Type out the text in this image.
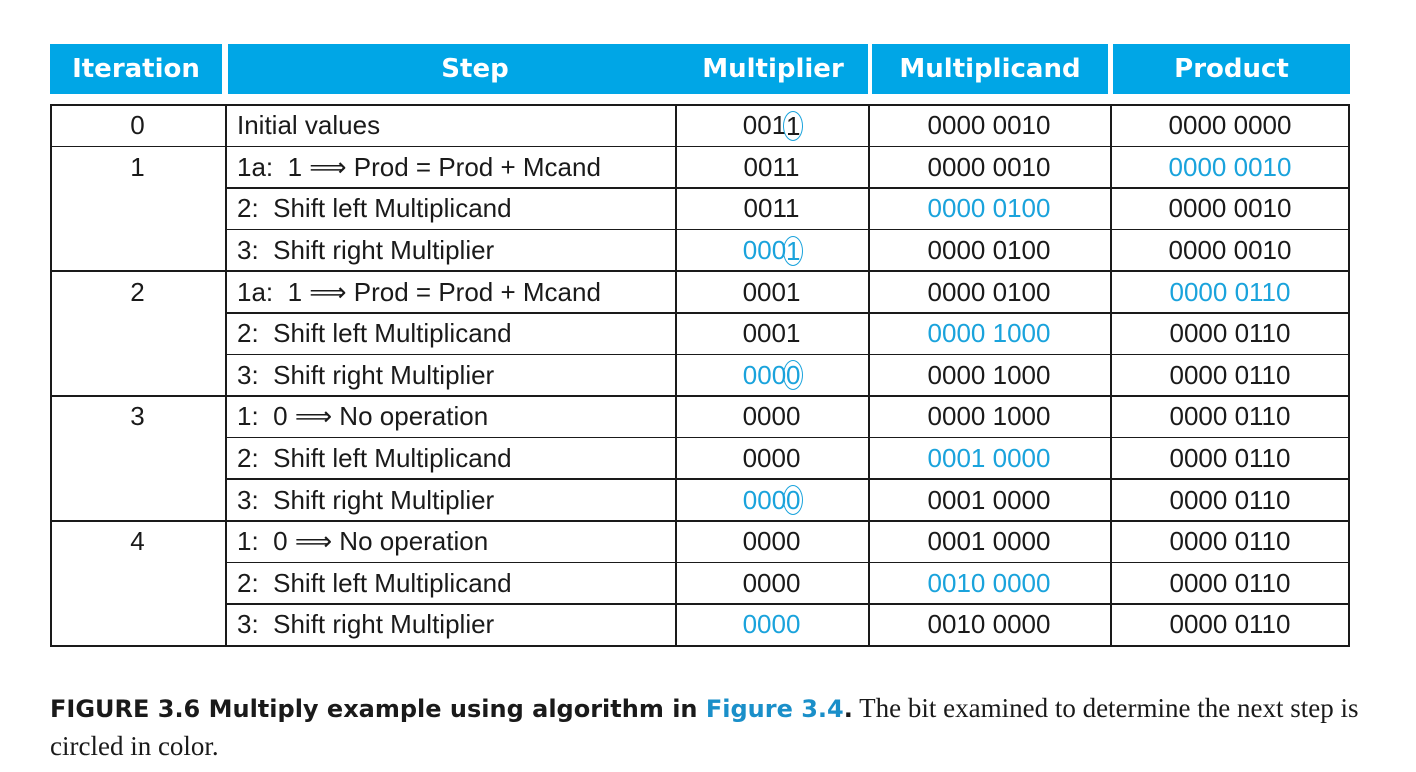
Iteration	Step	Multiplier	Multiplicand	Product
0	Initial values	001 1	0000 0010	0000 0000
1	1a:  1 ⟹ Prod = Prod + Mcand	0011	0000 0010	0000 0010
2:  Shift left Multiplicand	0011	0000 0100	0000 0010
3:  Shift right Multiplier	000 1	0000 0100	0000 0010
2	1a:  1 ⟹ Prod = Prod + Mcand	0001	0000 0100	0000 0110
2:  Shift left Multiplicand	0001	0000 1000	0000 0110
3:  Shift right Multiplier	000 0	0000 1000	0000 0110
3	1:  0 ⟹ No operation	0000	0000 1000	0000 0110
2:  Shift left Multiplicand	0000	0001 0000	0000 0110
3:  Shift right Multiplier	000 0	0001 0000	0000 0110
4	1:  0 ⟹ No operation	0000	0001 0000	0000 0110
2:  Shift left Multiplicand	0000	0010 0000	0000 0110
3:  Shift right Multiplier	0000	0010 0000	0000 0110
FIGURE 3.6 Multiply example using algorithm in Figure 3.4. The bit examined to determine the next step is circled in color.
